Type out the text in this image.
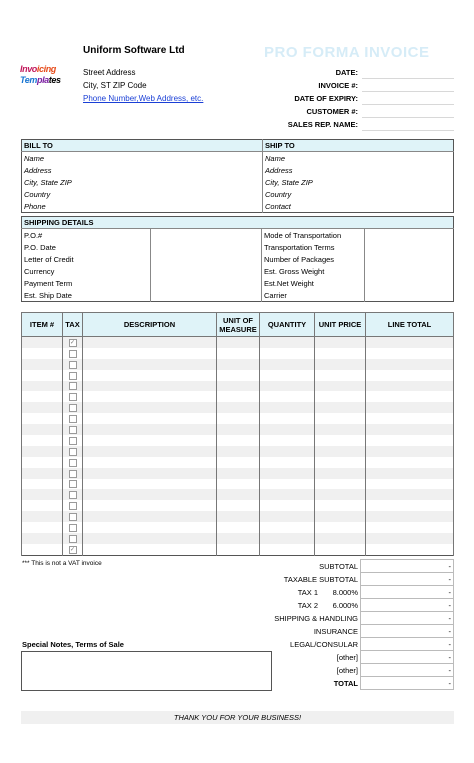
Uniform Software Ltd
Invoicing
Templates
Street Address
City, ST ZIP Code
Phone Number,Web Address, etc.
PRO FORMA INVOICE
DATE:
INVOICE #:
DATE OF EXPIRY:
CUSTOMER #:
SALES REP. NAME:
BILL TO	SHIP TO
Name	Name
Address	Address
City, State ZIP	City, State ZIP
Country	Country
Phone	Contact
SHIPPING DETAILS			
P.O.#		Mode of Transportation	
P.O. Date		Transportation Terms	
Letter of Credit		Number of Packages	
Currency		Est. Gross Weight	
Payment Term		Est.Net Weight	
Est. Ship Date		Carrier	
ITEM #	TAX	DESCRIPTION	UNIT OF MEASURE	QUANTITY	UNIT PRICE	LINE TOTAL
	✓					

	✓					
*** This is not a VAT invoice	SUBTOTAL		-
TAXABLE SUBTOTAL		-
TAX 1	8.000%	-
TAX 2	6.000%	-
SHIPPING & HANDLING		-
INSURANCE		-
LEGAL/CONSULAR		-
[other]		-
[other]		-
TOTAL		-
Special Notes, Terms of Sale
THANK YOU FOR YOUR BUSINESS!
